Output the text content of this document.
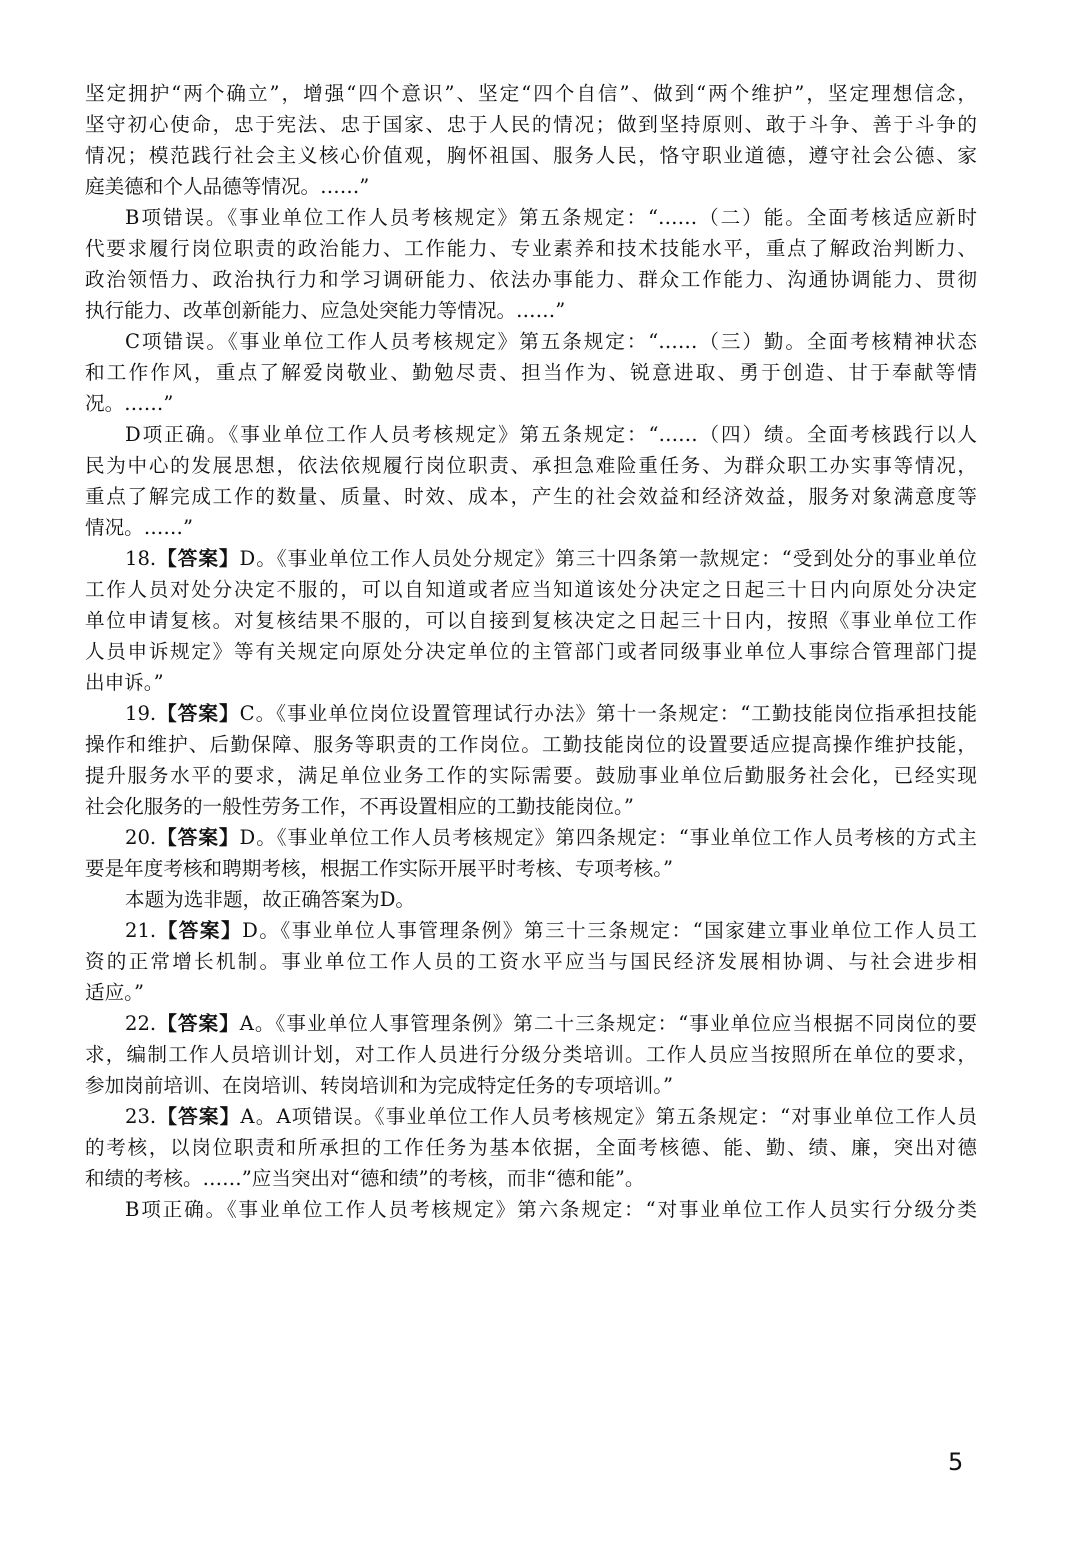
坚定拥护“两个确立”，增强“四个意识”、坚定“四个自信”、做到“两个维护”，坚定理想信念，
坚守初心使命，忠于宪法、忠于国家、忠于人民的情况；做到坚持原则、敢于斗争、善于斗争的
情况；模范践行社会主义核心价值观，胸怀祖国、服务人民，恪守职业道德，遵守社会公德、家
庭美德和个人品德等情况。……”
B项错误。《事业单位工作人员考核规定》第五条规定：“……（二）能。全面考核适应新时
代要求履行岗位职责的政治能力、工作能力、专业素养和技术技能水平，重点了解政治判断力、
政治领悟力、政治执行力和学习调研能力、依法办事能力、群众工作能力、沟通协调能力、贯彻
执行能力、改革创新能力、应急处突能力等情况。……”
C项错误。《事业单位工作人员考核规定》第五条规定：“……（三）勤。全面考核精神状态
和工作作风，重点了解爱岗敬业、勤勉尽责、担当作为、锐意进取、勇于创造、甘于奉献等情
况。……”
D项正确。《事业单位工作人员考核规定》第五条规定：“……（四）绩。全面考核践行以人
民为中心的发展思想，依法依规履行岗位职责、承担急难险重任务、为群众职工办实事等情况，
重点了解完成工作的数量、质量、时效、成本，产生的社会效益和经济效益，服务对象满意度等
情况。……”
18.【答案】D。《事业单位工作人员处分规定》第三十四条第一款规定：“受到处分的事业单位
工作人员对处分决定不服的，可以自知道或者应当知道该处分决定之日起三十日内向原处分决定
单位申请复核。对复核结果不服的，可以自接到复核决定之日起三十日内，按照《事业单位工作
人员申诉规定》等有关规定向原处分决定单位的主管部门或者同级事业单位人事综合管理部门提
出申诉。”
19.【答案】C。《事业单位岗位设置管理试行办法》第十一条规定：“工勤技能岗位指承担技能
操作和维护、后勤保障、服务等职责的工作岗位。工勤技能岗位的设置要适应提高操作维护技能，
提升服务水平的要求，满足单位业务工作的实际需要。鼓励事业单位后勤服务社会化，已经实现
社会化服务的一般性劳务工作，不再设置相应的工勤技能岗位。”
20.【答案】D。《事业单位工作人员考核规定》第四条规定：“事业单位工作人员考核的方式主
要是年度考核和聘期考核，根据工作实际开展平时考核、专项考核。”
本题为选非题，故正确答案为D。
21.【答案】D。《事业单位人事管理条例》第三十三条规定：“国家建立事业单位工作人员工
资的正常增长机制。事业单位工作人员的工资水平应当与国民经济发展相协调、与社会进步相
适应。”
22.【答案】A。《事业单位人事管理条例》第二十三条规定：“事业单位应当根据不同岗位的要
求，编制工作人员培训计划，对工作人员进行分级分类培训。工作人员应当按照所在单位的要求，
参加岗前培训、在岗培训、转岗培训和为完成特定任务的专项培训。”
23.【答案】A。A项错误。《事业单位工作人员考核规定》第五条规定：“对事业单位工作人员
的考核，以岗位职责和所承担的工作任务为基本依据，全面考核德、能、勤、绩、廉，突出对德
和绩的考核。……”应当突出对“德和绩”的考核，而非“德和能”。
B项正确。《事业单位工作人员考核规定》第六条规定：“对事业单位工作人员实行分级分类
5
